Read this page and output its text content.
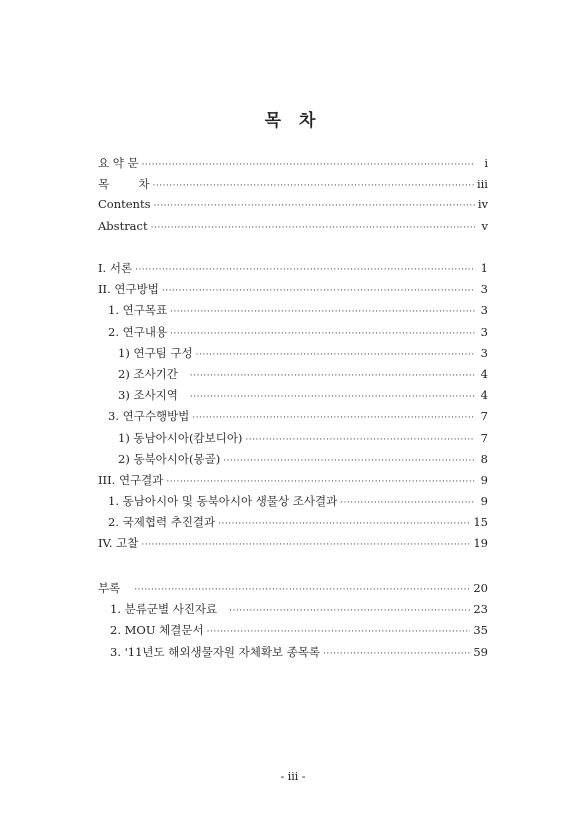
목 차
요 약 문 ·····	i
목        차 ·····	iii
Contents ·····	ⅳ
Abstract ·····	v
I. 서론 ·····	1
II. 연구방법 ·····	3
1. 연구목표 ·····	3
2. 연구내용 ·····	3
1) 연구팀 구성 ·····	3
2) 조사기간 ·····	4
3) 조사지역 ·····	4
3. 연구수행방법 ·····	7
1) 동남아시아(캄보디아) ·····	7
2) 동북아시아(몽골) ·····	8
III. 연구결과 ·····	9
1. 동남아시아 및 동북아시아 생물상 조사결과 ·····	9
2. 국제협력 추진결과 ·····	15
IV. 고찰 ·····	19
부록 ·····	20
1. 분류군별 사진자료 ·····	23
2. MOU 체결문서 ·····	35
3. '11년도 해외생물자원 자체확보 종목록 ·····	59
- iii -
